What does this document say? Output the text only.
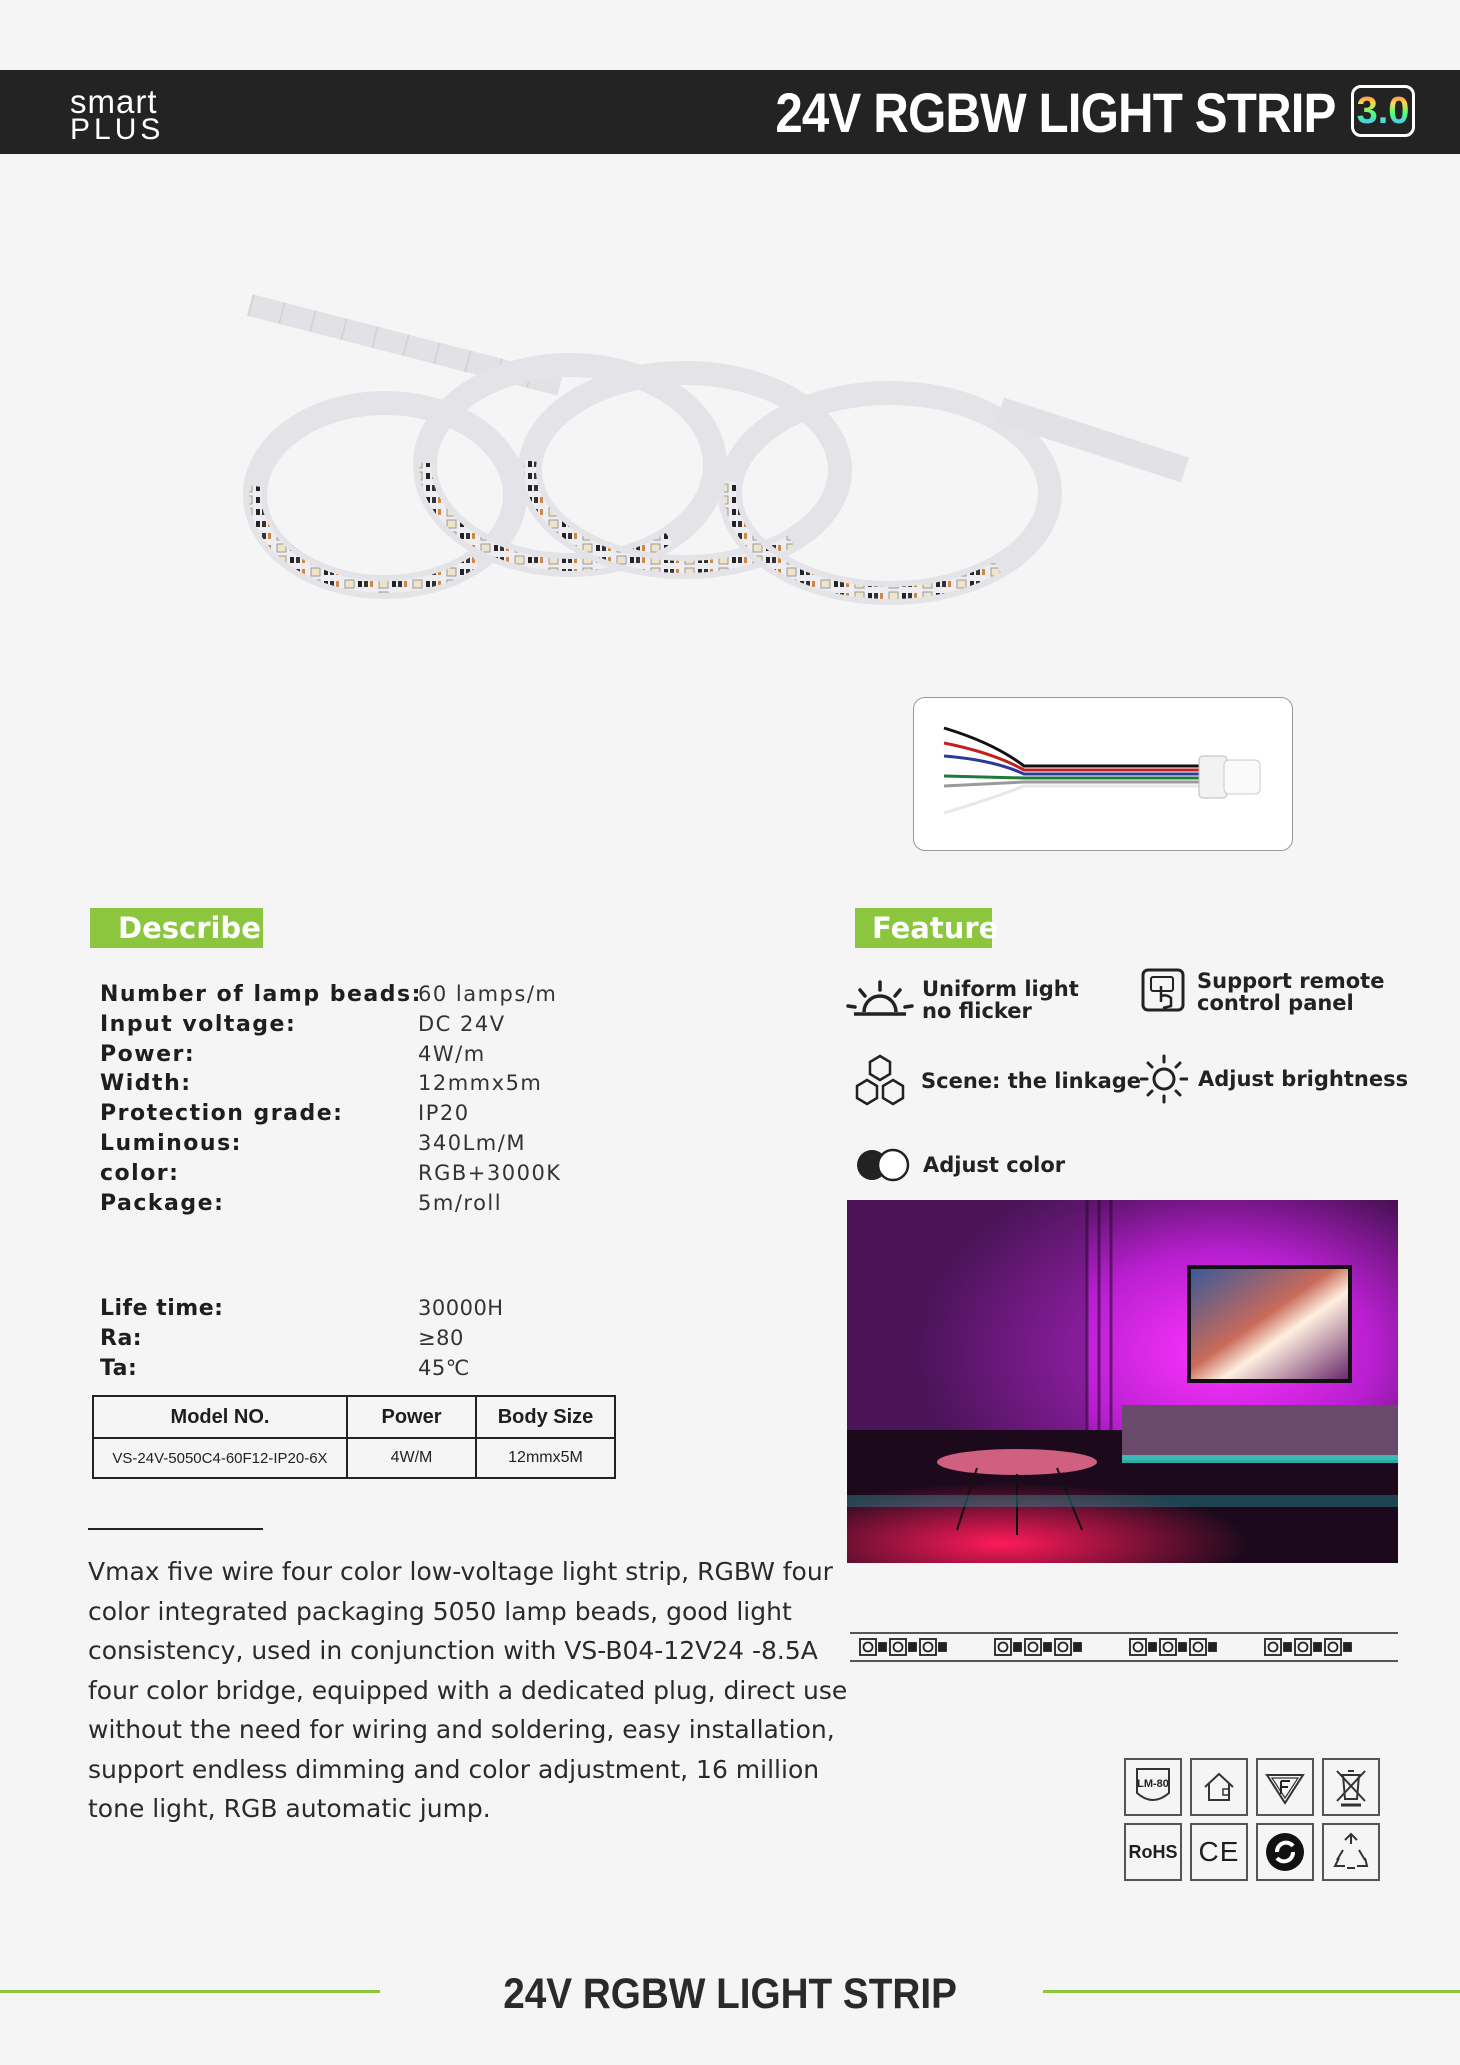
smart
PLUS	24V RGBW LIGHT STRIP 3.0
Describe
Number of lamp beads:
60 lamps/m
Input voltage:	DC 24V
Power:	4W/m
Width:	12mmx5m
Protection grade:	IP20
Luminous:	340Lm/M
color:	RGB+3000K
Package:	5m/roll
Life time:	30000H
Ra:	≥80
Ta:	45℃
Model NO.	Power	Body Size
VS-24V-5050C4-60F12-IP20-6X	4W/M	12mmx5M
Vmax five wire four color low-voltage light strip, RGBW four color integrated packaging 5050 lamp beads, good light consistency, used in conjunction with VS-B04-12V24 -8.5A four color bridge, equipped with a dedicated plug, direct use without the need for wiring and soldering, easy installation, support endless dimming and color adjustment, 16 million tone light, RGB automatic jump.
Feature
Uniform light
no flicker
Support remote
control panel
Scene: the linkage	Adjust brightness
Adjust color
LM-80
RoHS CE
24V RGBW LIGHT STRIP
